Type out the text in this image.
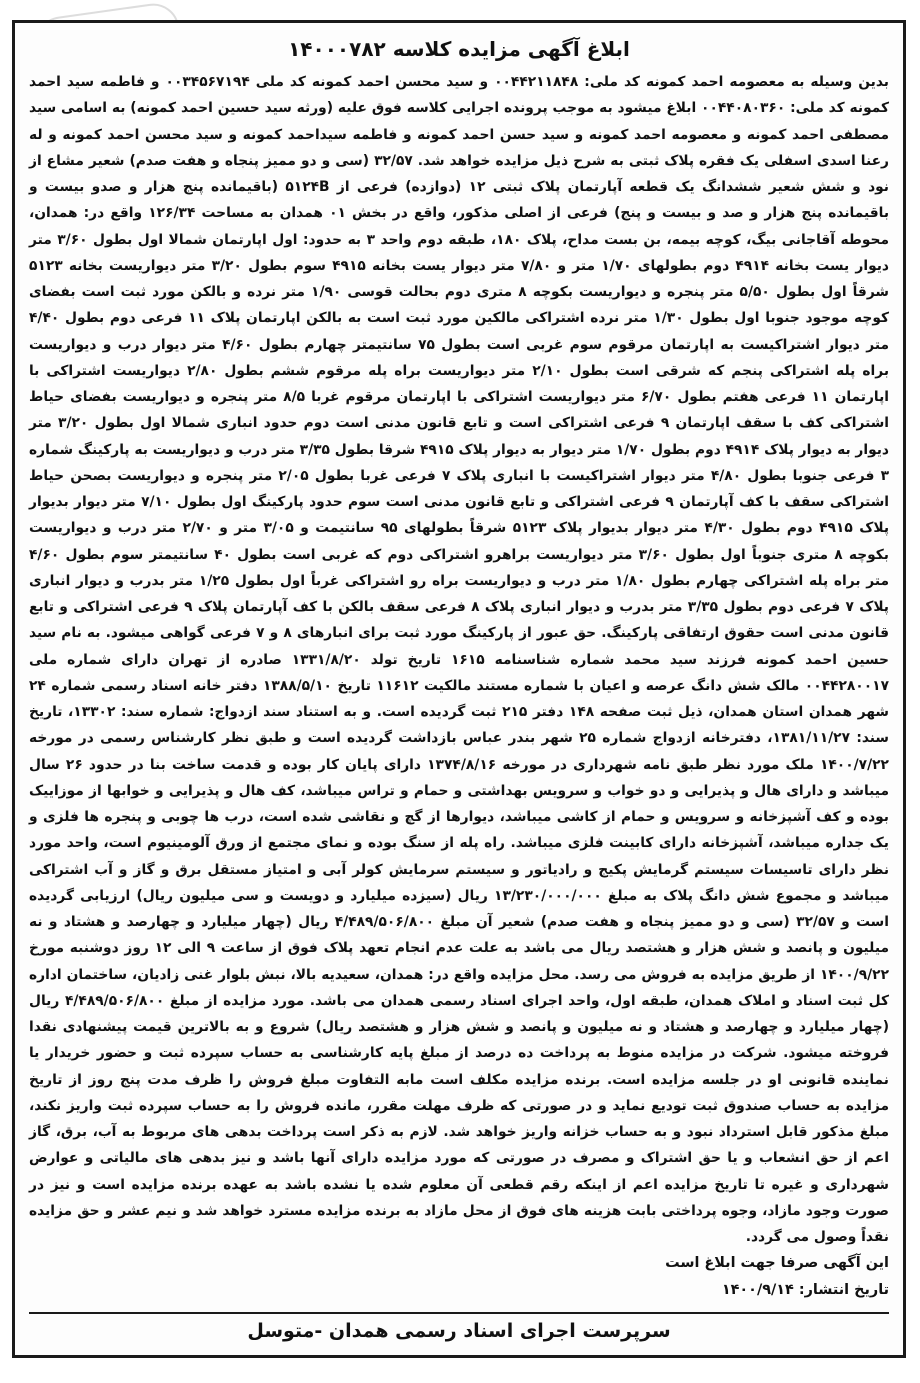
ابلاغ آگهی مزایده کلاسه ۱۴۰۰۰۷۸۲

بدین وسیله به معصومه احمد کمونه کد ملی: ۰۰۴۴۲۱۱۸۴۸ و سید محسن احمد کمونه کد ملی ۰۰۳۴۵۶۷۱۹۴ و فاطمه سید احمد کمونه کد ملی: ۰۰۴۴۰۸۰۳۶۰ ابلاغ میشود به موجب پرونده اجرایی کلاسه فوق علیه (ورثه سید حسین احمد کمونه) به اسامی سید مصطفی احمد کمونه و معصومه احمد کمونه و سید حسن احمد کمونه و فاطمه سیداحمد کمونه و سید محسن احمد کمونه و له رعنا اسدی اسفلی یک فقره پلاک ثبتی به شرح ذیل مزایده خواهد شد. ۳۲/۵۷ (سی و دو ممیز پنجاه و هفت صدم) شعیر مشاع از نود و شش شعیر ششدانگ یک قطعه آپارتمان پلاک ثبتی ۱۲ (دوازده) فرعی از ۵۱۲۴B (باقیمانده پنج هزار و صدو بیست و باقیمانده پنج هزار و صد و بیست و پنج) فرعی از اصلی مذکور، واقع در بخش ۰۱ همدان به مساحت ۱۲۶/۳۴ واقع در: همدان، محوطه آقاجانی بیگ، کوچه بیمه، بن بست مداح، پلاک ۱۸۰، طبقه دوم واحد ۳ به حدود: اول اپارتمان شمالا اول بطول ۳/۶۰ متر دیوار یست بخانه ۴۹۱۴ دوم بطولهای ۱/۷۰ متر و ۷/۸۰ متر دیوار یست بخانه ۴۹۱۵ سوم بطول ۳/۲۰ متر دیواریست بخانه ۵۱۲۳ شرقاً اول بطول ۵/۵۰ متر پنجره و دیواریست بکوچه ۸ متری دوم بحالت قوسی ۱/۹۰ متر نرده و بالکن مورد ثبت است بفضای کوچه موجود جنوبا اول بطول ۱/۳۰ متر نرده اشتراکی مالکین مورد ثبت است به بالکن اپارتمان پلاک ۱۱ فرعی دوم بطول ۴/۴۰ متر دیوار اشتراکیست به اپارتمان مرقوم سوم غربی است بطول ۷۵ سانتیمتر چهارم بطول ۴/۶۰ متر دیوار درب و دیواریست براه پله اشتراکی پنجم که شرقی است بطول ۲/۱۰ متر دیواریست براه پله مرقوم ششم بطول ۲/۸۰ دیواریست اشتراکی با اپارتمان ۱۱ فرعی هفتم بطول ۶/۷۰ متر دیواریست اشتراکی با اپارتمان مرقوم غربا ۸/۵ متر پنجره و دیواریست بفضای حیاط اشتراکی کف با سقف اپارتمان ۹ فرعی اشتراکی است و تابع قانون مدنی است دوم حدود انباری شمالا اول بطول ۳/۲۰ متر دیوار به دیوار پلاک ۴۹۱۴ دوم بطول ۱/۷۰ متر دیوار به دیوار پلاک ۴۹۱۵ شرقا بطول ۳/۳۵ متر درب و دیواریست به پارکینگ شماره ۳ فرعی جنوبا بطول ۴/۸۰ متر دیوار اشتراکیست با انباری پلاک ۷ فرعی غربا بطول ۲/۰۵ متر پنجره و دیواریست بصحن حیاط اشتراکی سقف با کف آپارتمان ۹ فرعی اشتراکی و تابع قانون مدنی است سوم حدود پارکینگ اول بطول ۷/۱۰ متر دیوار بدیوار پلاک ۴۹۱۵ دوم بطول ۴/۳۰ متر دیوار بدیوار پلاک ۵۱۲۳ شرقاً بطولهای ۹۵ سانتیمت و ۳/۰۵ متر و ۲/۷۰ متر درب و دیواریست بکوچه ۸ متری جنوباً اول بطول ۳/۶۰ متر دیواریست براهرو اشتراکی دوم که غربی است بطول ۴۰ سانتیمتر سوم بطول ۴/۶۰ متر براه پله اشتراکی چهارم بطول ۱/۸۰ متر درب و دیواریست براه رو اشتراکی غرباً اول بطول ۱/۲۵ متر بدرب و دیوار انباری پلاک ۷ فرعی دوم بطول ۳/۳۵ متر بدرب و دیوار انباری پلاک ۸ فرعی سقف بالکن با کف آپارتمان پلاک ۹ فرعی اشتراکی و تابع قانون مدنی است حقوق ارتفاقی پارکینگ. حق عبور از پارکینگ مورد ثبت برای انبارهای ۸ و ۷ فرعی گواهی میشود. به نام سید حسین احمد کمونه فرزند سید محمد شماره شناسنامه ۱۶۱۵ تاریخ تولد ۱۳۳۱/۸/۲۰ صادره از تهران دارای شماره ملی ۰۰۴۴۲۸۰۰۱۷ مالک شش دانگ عرصه و اعیان با شماره مستند مالکیت ۱۱۶۱۲ تاریخ ۱۳۸۸/۵/۱۰ دفتر خانه اسناد رسمی شماره ۲۴ شهر همدان استان همدان، ذیل ثبت صفحه ۱۴۸ دفتر ۲۱۵ ثبت گردیده است. و به استناد سند ازدواج: شماره سند: ۱۳۳۰۲، تاریخ سند: ۱۳۸۱/۱۱/۲۷، دفترخانه ازدواج شماره ۲۵ شهر بندر عباس بازداشت گردیده است و طبق نظر کارشناس رسمی در مورخه ۱۴۰۰/۷/۲۲ ملک مورد نظر طبق نامه شهرداری در مورخه ۱۳۷۴/۸/۱۶ دارای پایان کار بوده و قدمت ساخت بنا در حدود ۲۶ سال میباشد و دارای هال و پذیرایی و دو خواب و سرویس بهداشتی و حمام و تراس میباشد، کف هال و پذیرایی و خوابها از موزاییک بوده و کف آشپزخانه و سرویس و حمام از کاشی میباشد، دیوارها از گچ و نقاشی شده است، درب ها چوبی و پنجره ها فلزی و یک جداره میباشد، آشپزخانه دارای کابینت فلزی میباشد. راه پله از سنگ بوده و نمای مجتمع از ورق آلومینیوم است، واحد مورد نظر دارای تاسیسات سیستم گرمایش پکیج و رادیاتور و سیستم سرمایش کولر آبی و امتیاز مستقل برق و گاز و آب اشتراکی میباشد و مجموع شش دانگ پلاک به مبلغ ۱۳/۲۳۰/۰۰۰/۰۰۰ ریال (سیزده میلیارد و دویست و سی میلیون ریال) ارزیابی گردیده است و ۳۲/۵۷ (سی و دو ممیز پنجاه و هفت صدم) شعیر آن مبلغ ۴/۴۸۹/۵۰۶/۸۰۰ ریال (چهار میلیارد و چهارصد و هشتاد و نه میلیون و پانصد و شش هزار و هشتصد ریال می باشد به علت عدم انجام تعهد پلاک فوق از ساعت ۹ الی ۱۲ روز دوشنبه مورخ ۱۴۰۰/۹/۲۲ از طریق مزایده به فروش می رسد. محل مزایده واقع در: همدان، سعیدیه بالا، نبش بلوار غنی زادیان، ساختمان اداره کل ثبت اسناد و املاک همدان، طبقه اول، واحد اجرای اسناد رسمی همدان می باشد. مورد مزایده از مبلغ ۴/۴۸۹/۵۰۶/۸۰۰ ریال (چهار میلیارد و چهارصد و هشتاد و نه میلیون و پانصد و شش هزار و هشتصد ریال) شروع و به بالاترین قیمت پیشنهادی نقدا فروخته میشود. شرکت در مزایده منوط به پرداخت ده درصد از مبلغ پایه کارشناسی به حساب سپرده ثبت و حضور خریدار یا نماینده قانونی او در جلسه مزایده است. برنده مزایده مکلف است مابه التفاوت مبلغ فروش را ظرف مدت پنج روز از تاریخ مزایده به حساب صندوق ثبت تودیع نماید و در صورتی که ظرف مهلت مقرر، مانده فروش را به حساب سپرده ثبت واریز نکند، مبلغ مذکور قابل استرداد نبود و به حساب خزانه واریز خواهد شد. لازم به ذکر است پرداخت بدهی های مربوط به آب، برق، گاز اعم از حق انشعاب و یا حق اشتراک و مصرف در صورتی که مورد مزایده دارای آنها باشد و نیز بدهی های مالیاتی و عوارض شهرداری و غیره تا تاریخ مزایده اعم از اینکه رقم قطعی آن معلوم شده یا نشده باشد به عهده برنده مزایده است و نیز در صورت وجود مازاد، وجوه پرداختی بابت هزینه های فوق از محل مازاد به برنده مزایده مسترد خواهد شد و نیم عشر و حق مزایده نقداً وصول می گردد.

این آگهی صرفا جهت ابلاغ است

تاریخ انتشار: ۱۴۰۰/۹/۱۴

سرپرست اجرای اسناد رسمی همدان -متوسل
